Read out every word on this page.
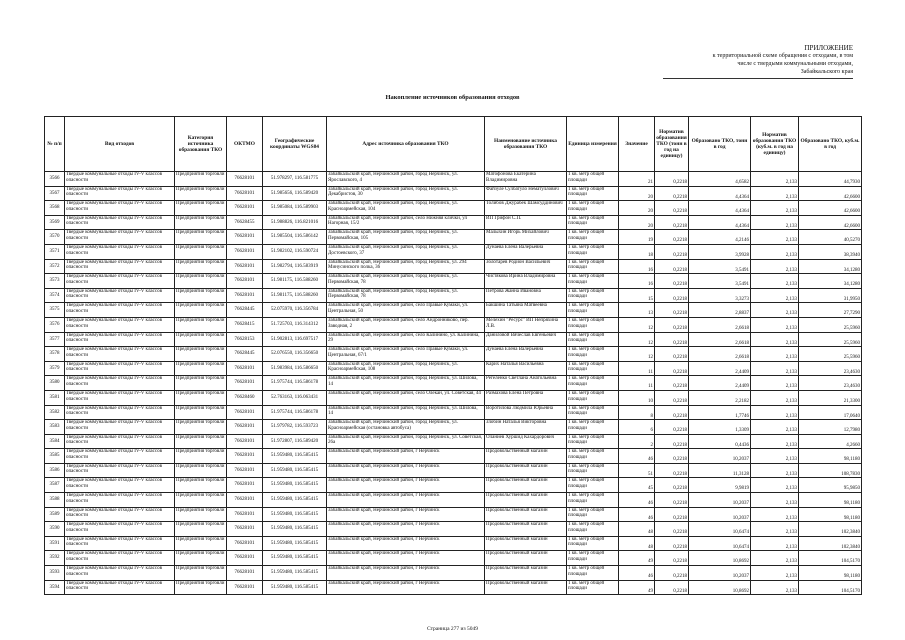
ПРИЛОЖЕНИЕ
к территориальной схеме обращения с отходами, в том
числе с твердыми коммунальными отходами,
Забайкальского края
Накопление источников образования отходов
№ п/п	Вид отходов	Категория источника образования ТКО	ОКТМО	Географические координаты WGS84	Адрес источника образования ТКО	Наименование источника образования ТКО	Единица измерения	Значение	Норматив образования ТКО (тонн в год на единицу)	Образовано ТКО, тонн в год	Норматив образования ТКО (куб.м. в год на единицу)	Образовано ТКО, куб.м. в год
3566	Твёрдые коммунальные отходы IV-V классов опасности	Предприятия торговли	76628101	51.978297, 116.581775	Забайкальский край, Нерчинский район, город Нерчинск, ул. Ярославского, 4	Матофонова Екатерина Владимировна	1 кв. метр общей площади	21	0,2218	4,6582	2,133	44,7930
3567	Твёрдые коммунальные отходы IV-V классов опасности	Предприятия торговли	76628101	51.985656, 116.589420	Забайкальский край, Нерчинский район, город Нерчинск, ул. Декабристов, 30	Файзуле Сулбатуло Нематуллович	1 кв. метр общей площади	20	0,2218	4,4364	2,133	42,6600
3568	Твёрдые коммунальные отходы IV-V классов опасности	Предприятия торговли	76628101	51.985084, 116.589903	Забайкальский край, Нерчинский район, город Нерчинск, ул. Красноармейская, 104	Толибов Джурабек Шамсуддинович	1 кв. метр общей площади	20	0,2218	4,4364	2,133	42,6600
3569	Твёрдые коммунальные отходы IV-V классов опасности	Предприятия торговли	76628455	51.988826, 116.821016	Забайкальский край, Нерчинский район, село Нижняя клички, ул Нагорная, 15/2	ИП Грифон С.П.	1 кв. метр общей площади	20	0,2218	4,4364	2,133	42,6600
3570	Твёрдые коммунальные отходы IV-V классов опасности	Предприятия торговли	76628101	51.985504, 116.586142	Забайкальский край, Нерчинский район, город Нерчинск, ул. Первомайская, 105	Малыхин Игорь Михайлович	1 кв. метр общей площади	19	0,2218	4,2146	2,133	40,5270
3571	Твёрдые коммунальные отходы IV-V классов опасности	Предприятия торговли	76628101	51.982102, 116.590724	Забайкальский край, Нерчинский район, город Нерчинск, ул. Достоевского, 37	Дунаева Елена Валерьевна	1 кв. метр общей площади	18	0,2218	3,9928	2,133	38,3940
3572	Твёрдые коммунальные отходы IV-V классов опасности	Предприятия торговли	76628101	51.982794, 116.583919	Забайкальский край, Нерчинский район, город Нерчинск, ул. 294 Минусинского полка, 36	Золотарев Родион Васильевич	1 кв. метр общей площади	16	0,2218	3,5491	2,133	34,1280
3573	Твёрдые коммунальные отходы IV-V классов опасности	Предприятия торговли	76628101	51.981175, 116.588260	Забайкальский край, Нерчинский район, город Нерчинск, ул. Первомайская, 78	Чистякова Ирина Владимировна	1 кв. метр общей площади	16	0,2218	3,5491	2,133	34,1280
3574	Твёрдые коммунальные отходы IV-V классов опасности	Предприятия торговли	76628101	51.981175, 116.588260	Забайкальский край, Нерчинский район, город Нерчинск, ул. Первомайская, 78	Петрова Жанна Ивановна	1 кв. метр общей площади	15	0,2218	3,3273	2,133	31,9950
3575	Твёрдые коммунальные отходы IV-V классов опасности	Предприятия торговли	76628445	52.075970, 116.356784	Забайкальский край, Нерчинский район, село Правые Кумаки, ул. Центральная, 50	Бакшина Татьяна Матвеевна	1 кв. метр общей площади	13	0,2218	2,8837	2,133	27,7290
3576	Твёрдые коммунальные отходы IV-V классов опасности	Предприятия торговли	76628415	51.725703, 116.314312	Забайкальский край, Нерчинский район, село Андронниково, пер. Заводная, 2	Мелехин "Ресурс" ИП Непряхина Л.В.	1 кв. метр общей площади	12	0,2218	2,6618	2,133	25,5960
3577	Твёрдые коммунальные отходы IV-V классов опасности	Предприятия торговли	76628153	51.902813, 116.697517	Забайкальский край, Нерчинский район, село Калинино, ул. Калинина, 29	Даниловой Вячеслав Евгеньевич	1 кв. метр общей площади	12	0,2218	2,6618	2,133	25,5960
3578	Твёрдые коммунальные отходы IV-V классов опасности	Предприятия торговли	76628445	52.076550, 116.356650	Забайкальский край, Нерчинский район, село Правые Кумаки, ул. Центральная, 67/1	Дунаева Елена Валерьевна	1 кв. метр общей площади	12	0,2218	2,6618	2,133	25,5960
3579	Твёрдые коммунальные отходы IV-V классов опасности	Предприятия торговли	76628101	51.983984, 116.586650	Забайкальский край, Нерчинский район, город Нерчинск, ул. Красноармейская, 108	Карих Наталья Васильевна	1 кв. метр общей площади	11	0,2218	2,4409	2,133	23,4630
3580	Твёрдые коммунальные отходы IV-V классов опасности	Предприятия торговли	76628101	51.975744, 116.586178	Забайкальский край, Нерчинский район, город Нерчинск, ул. Шилова, 14	Регеленко Светлана Анатольевна	1 кв. метр общей площади	11	0,2218	2,4409	2,133	23,4630
3581	Твёрдые коммунальные отходы IV-V классов опасности	Предприятия торговли	76628460	52.763163, 116.063431	Забайкальский край, Нерчинский район, село Олекан, ул. Советская, 44	Размахова Елена Петровна	1 кв. метр общей площади	10	0,2218	2,2182	2,133	21,3300
3582	Твёрдые коммунальные отходы IV-V классов опасности	Предприятия торговли	76628101	51.975744, 116.586178	Забайкальский край, Нерчинский район, город Нерчинск, ул. Шилова, 14	Воротилова Людмила Юрьевна	1 кв. метр общей площади	8	0,2218	1,7746	2,133	17,0640
3583	Твёрдые коммунальные отходы IV-V классов опасности	Предприятия торговли	76628101	51.979782, 116.593723	Забайкальский край, Нерчинский район, город Нерчинск, ул. Красноармейская (остановка автобуса)	Злобин Наталья Викторовна	1 кв. метр общей площади	6	0,2218	1,3309	2,133	12,7980
3584	Твёрдые коммунальные отходы IV-V классов опасности	Предприятия торговли	76628101	51.972807, 116.589420	Забайкальский край, Нерчинский район, город Нерчинск, ул. Советская, 26а	Оланиев Хуршид Кахардорович	1 кв. метр общей площади	2	0,2218	0,4436	2,133	4,2660
3585	Твёрдые коммунальные отходы IV-V классов опасности	Предприятия торговли	76628101	51.959480, 116.585415	Забайкальский край, Нерчинский район, г Нерчинск	Продовольственный магазин	1 кв. метр общей площади	46	0,2218	10,2037	2,133	98,1180
3586	Твёрдые коммунальные отходы IV-V классов опасности	Предприятия торговли	76628101	51.959480, 116.585415	Забайкальский край, Нерчинский район, г Нерчинск	Продовольственный магазин	1 кв. метр общей площади	51	0,2218	11,3128	2,133	108,7830
3587	Твёрдые коммунальные отходы IV-V классов опасности	Предприятия торговли	76628101	51.959480, 116.585415	Забайкальский край, Нерчинский район, г Нерчинск	Продовольственный магазин	1 кв. метр общей площади	45	0,2218	9,9819	2,133	95,9850
3588	Твёрдые коммунальные отходы IV-V классов опасности	Предприятия торговли	76628101	51.959480, 116.585415	Забайкальский край, Нерчинский район, г Нерчинск	Продовольственный магазин	1 кв. метр общей площади	46	0,2218	10,2037	2,133	98,1180
3589	Твёрдые коммунальные отходы IV-V классов опасности	Предприятия торговли	76628101	51.959480, 116.585415	Забайкальский край, Нерчинский район, г Нерчинск	Продовольственный магазин	1 кв. метр общей площади	46	0,2218	10,2037	2,133	98,1180
3590	Твёрдые коммунальные отходы IV-V классов опасности	Предприятия торговли	76628101	51.959480, 116.585415	Забайкальский край, Нерчинский район, г Нерчинск	Продовольственный магазин	1 кв. метр общей площади	48	0,2218	10,6474	2,133	102,3840
3591	Твёрдые коммунальные отходы IV-V классов опасности	Предприятия торговли	76628101	51.959480, 116.585415	Забайкальский край, Нерчинский район, г Нерчинск	Продовольственный магазин	1 кв. метр общей площади	48	0,2218	10,6474	2,133	102,3840
3592	Твёрдые коммунальные отходы IV-V классов опасности	Предприятия торговли	76628101	51.959480, 116.585415	Забайкальский край, Нерчинский район, г Нерчинск	Продовольственный магазин	1 кв. метр общей площади	49	0,2218	10,8692	2,133	104,5170
3593	Твёрдые коммунальные отходы IV-V классов опасности	Предприятия торговли	76628101	51.959480, 116.585415	Забайкальский край, Нерчинский район, г Нерчинск	Продовольственный магазин	1 кв. метр общей площади	46	0,2218	10,2037	2,133	98,1180
3594	Твёрдые коммунальные отходы IV-V классов опасности	Предприятия торговли	76628101	51.959480, 116.585415	Забайкальский край, Нерчинский район, г Нерчинск	Продовольственный магазин	1 кв. метр общей площади	49	0,2218	10,8692	2,133	104,5170
Страница 277 из 5049
